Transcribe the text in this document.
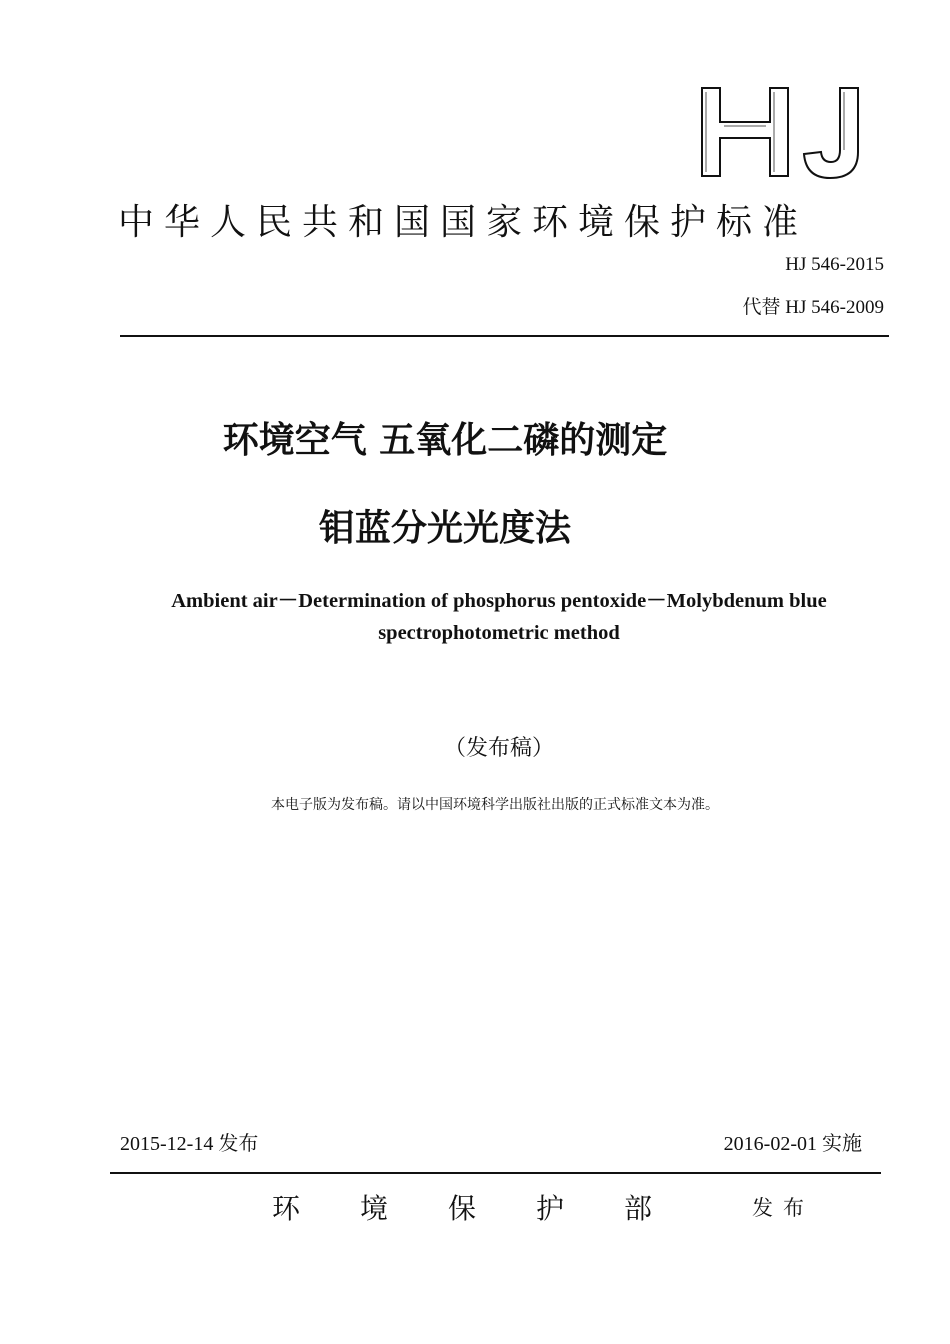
中华人民共和国国家环境保护标准
HJ 546-2015
代替 HJ 546-2009
环境空气 五氧化二磷的测定
钼蓝分光光度法
Ambient air－Determination of phosphorus pentoxide－Molybdenum blue
spectrophotometric method
（发布稿）
本电子版为发布稿。请以中国环境科学出版社出版的正式标准文本为准。
2015-12-14 发布	2016-02-01 实施
环境保护部 发布
